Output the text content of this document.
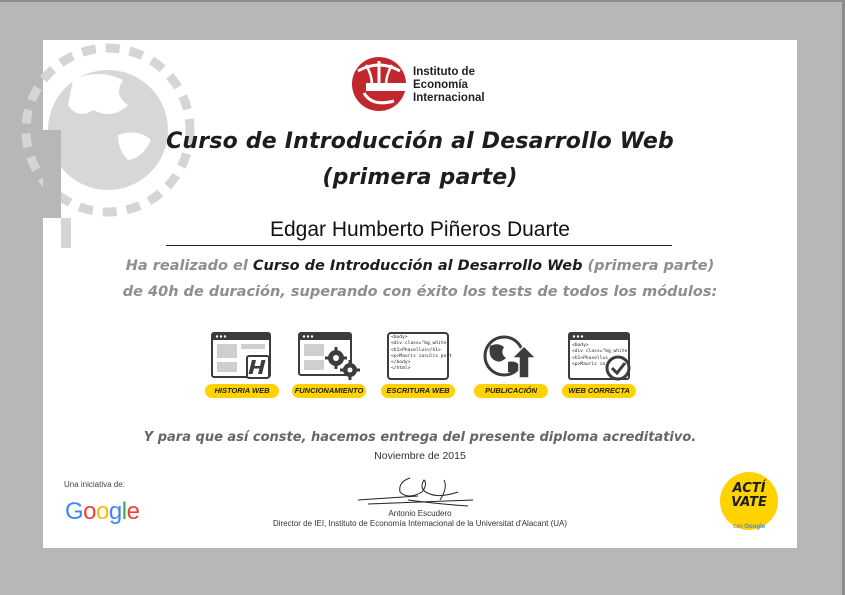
Instituto de
Economía
Internacional
Curso de Introducción al Desarrollo Web
(primera parte)
Edgar Humberto Piñeros Duarte
Ha realizado el Curso de Introducción al Desarrollo Web (primera parte)
de 40h de duración, superando con éxito los tests de todos los módulos:
HISTORIA WEB	FUNCIONAMIENTO
<body>
<div class="bg_white"
<h1>Phasellus</h1>
<p>Mauris iaculis port
</body>
</html>
ESCRITURA WEB	PUBLICACIÓN
<body>
<div class="bg_white
<h1>Phasellus
<p>Mauris ia
WEB CORRECTA
Y para que así conste, hacemos entrega del presente diploma acreditativo.
Noviembre de 2015
Antonio Escudero
Director de IEI, Instituto de Economía Internacional de la Universitat d'Alacant (UA)
Una iniciativa de:
Google
ACTÍ
VATE
con Google
